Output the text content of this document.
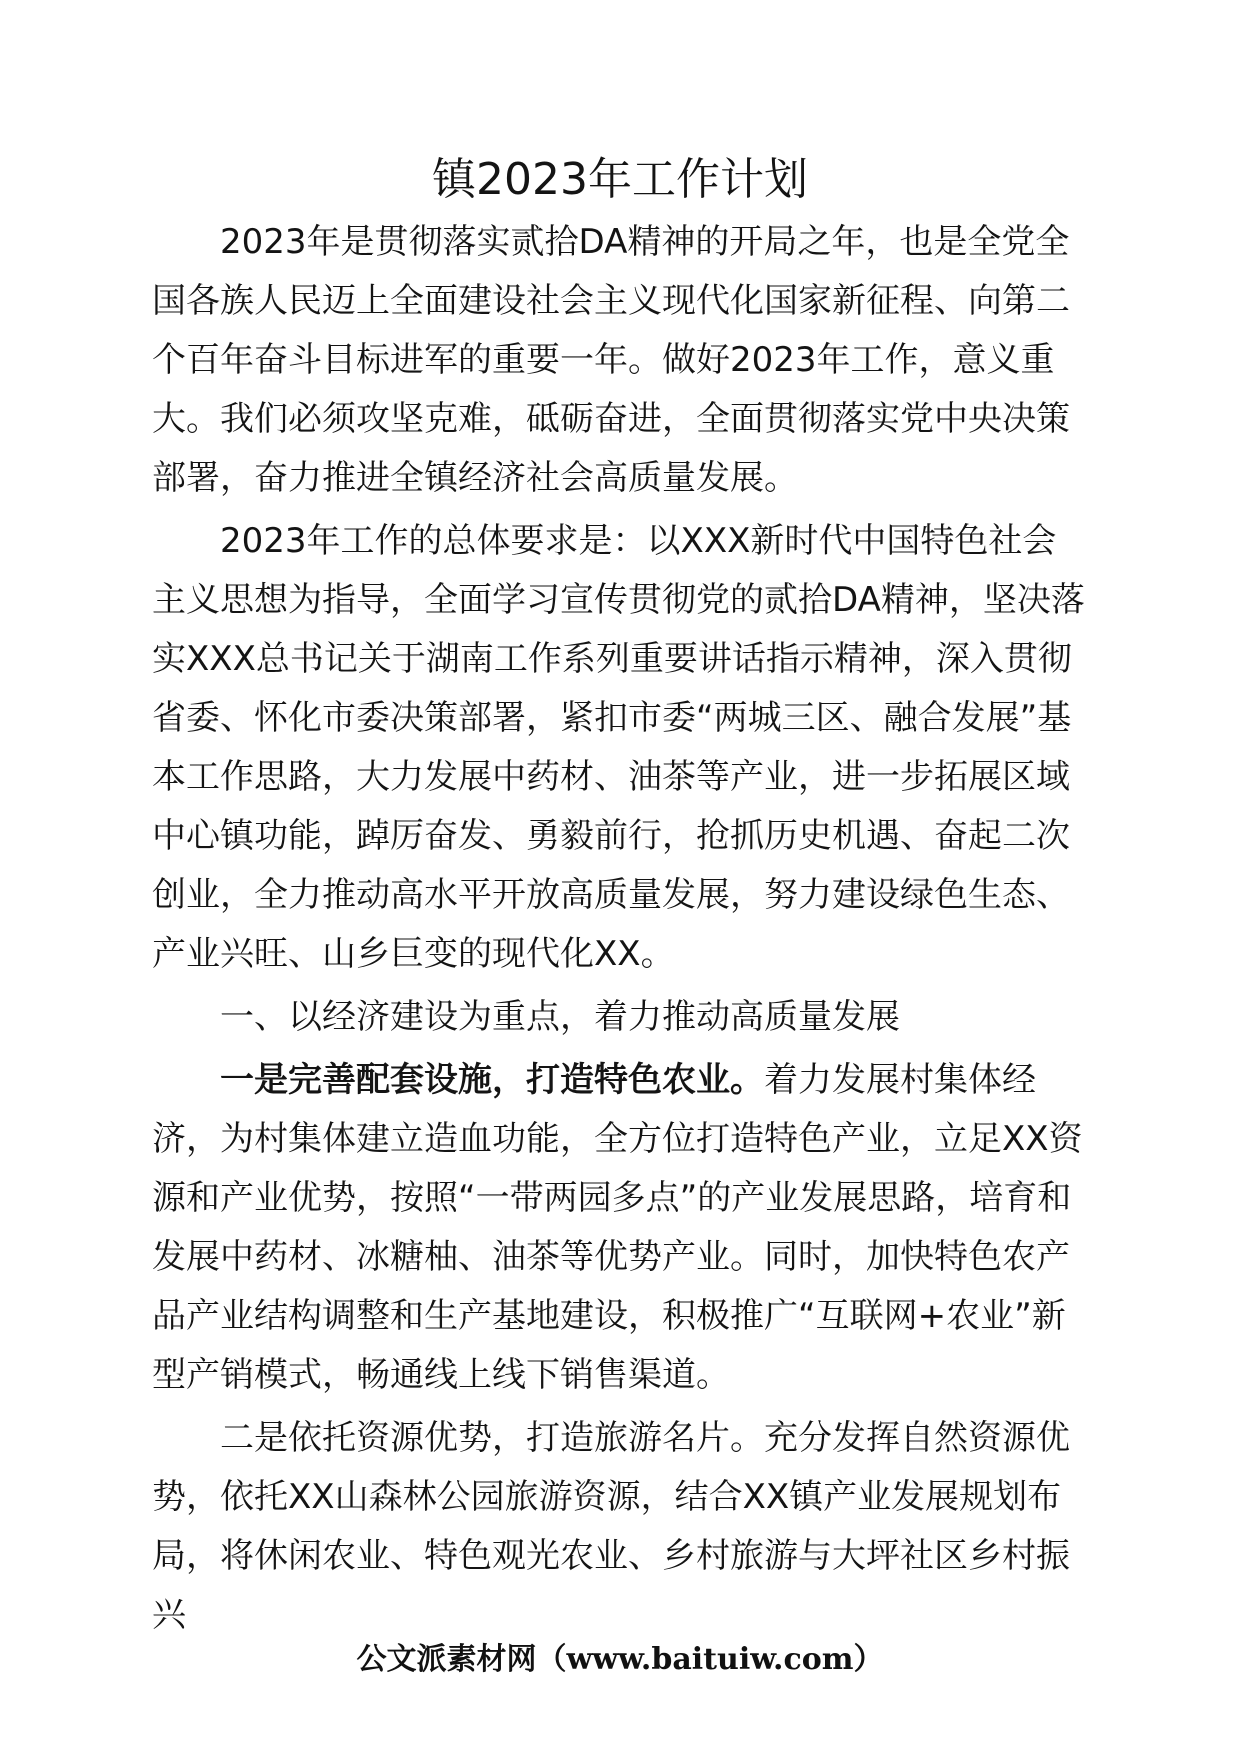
镇2023年工作计划

2023年是贯彻落实贰拾DA精神的开局之年，也是全党全国各族人民迈上全面建设社会主义现代化国家新征程、向第二个百年奋斗目标进军的重要一年。做好2023年工作，意义重大。我们必须攻坚克难，砥砺奋进，全面贯彻落实党中央决策部署，奋力推进全镇经济社会高质量发展。

2023年工作的总体要求是：以XXX新时代中国特色社会主义思想为指导，全面学习宣传贯彻党的贰拾DA精神，坚决落实XXX总书记关于湖南工作系列重要讲话指示精神，深入贯彻省委、怀化市委决策部署，紧扣市委“两城三区、融合发展”基本工作思路，大力发展中药材、油茶等产业，进一步拓展区域中心镇功能，踔厉奋发、勇毅前行，抢抓历史机遇、奋起二次创业，全力推动高水平开放高质量发展，努力建设绿色生态、产业兴旺、山乡巨变的现代化XX。

一、以经济建设为重点，着力推动高质量发展

一是完善配套设施，打造特色农业。着力发展村集体经济，为村集体建立造血功能，全方位打造特色产业，立足XX资源和产业优势，按照“一带两园多点”的产业发展思路，培育和发展中药材、冰糖柚、油茶等优势产业。同时，加快特色农产品产业结构调整和生产基地建设，积极推广“互联网+农业”新型产销模式，畅通线上线下销售渠道。

二是依托资源优势，打造旅游名片。充分发挥自然资源优势，依托XX山森林公园旅游资源，结合XX镇产业发展规划布局，将休闲农业、特色观光农业、乡村旅游与大坪社区乡村振兴

公文派素材网（www.baituiw.com）
